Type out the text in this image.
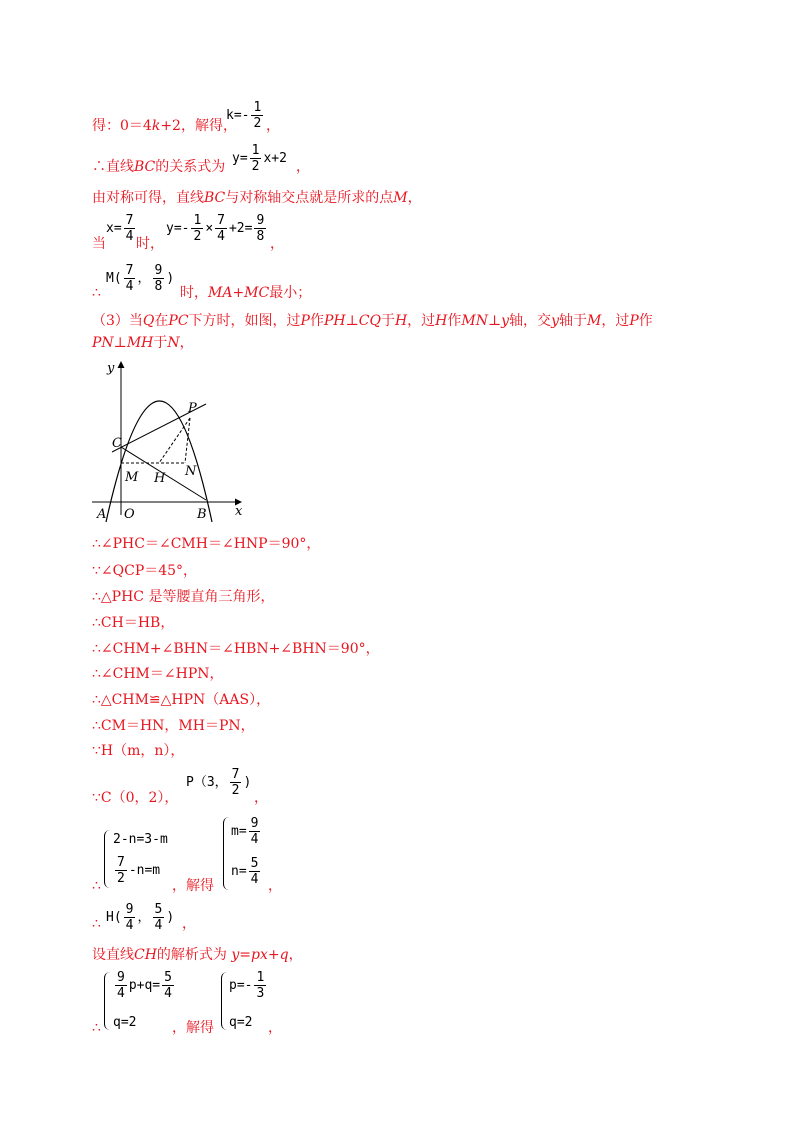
得：0＝4k+2，解得，
$k=- \frac{1}{2}$ ，
∴直线BC的关系式为
$y= \frac{1}{2} x+2$
，
由对称可得，直线BC与对称轴交点就是所求的点M，
当
$x= \frac{7}{4}$ 时，
$y=- \frac{1}{2} \times \frac{7}{4} +2= \frac{9}{8}$ ，
∴
$M( \frac{7}{4}$ ， $\frac{9}{8}$ )
时，MA+MC最小；
（3）当Q在PC下方时，如图，过P作PH⊥CQ于H，过H作MN⊥y轴，交y轴于M，过P作
PN⊥MH于N，
y
x
A O	B
C
P
M H N
∴∠PHC＝∠CMH＝∠HNP＝90°，
∵∠QCP＝45°，
∴△PHC 是等腰直角三角形，
∴CH＝HB，
∴∠CHM+∠BHN＝∠HBN+∠BHN＝90°，
∴∠CHM＝∠HPN，
∴△CHM≌△HPN（AAS），
∴CM＝HN，MH＝PN，
∵H（m，n），
∵C（0，2），
P（3， $\frac{7}{2}$ )
，
∴
2-n=3-m
$\frac{7}{2} -n=m$
，解得
$m= \frac{9}{4}$
$n= \frac{5}{4}$ ，
∴ $H( \frac{9}{4}$ ， $\frac{5}{4}$ ) ，
设直线CH的解析式为 y=px+q，
∴
$\frac{9}{4} p+q= \frac{5}{4}$
q=2	，解得
$p=- \frac{1}{3}$
q=2 ，
